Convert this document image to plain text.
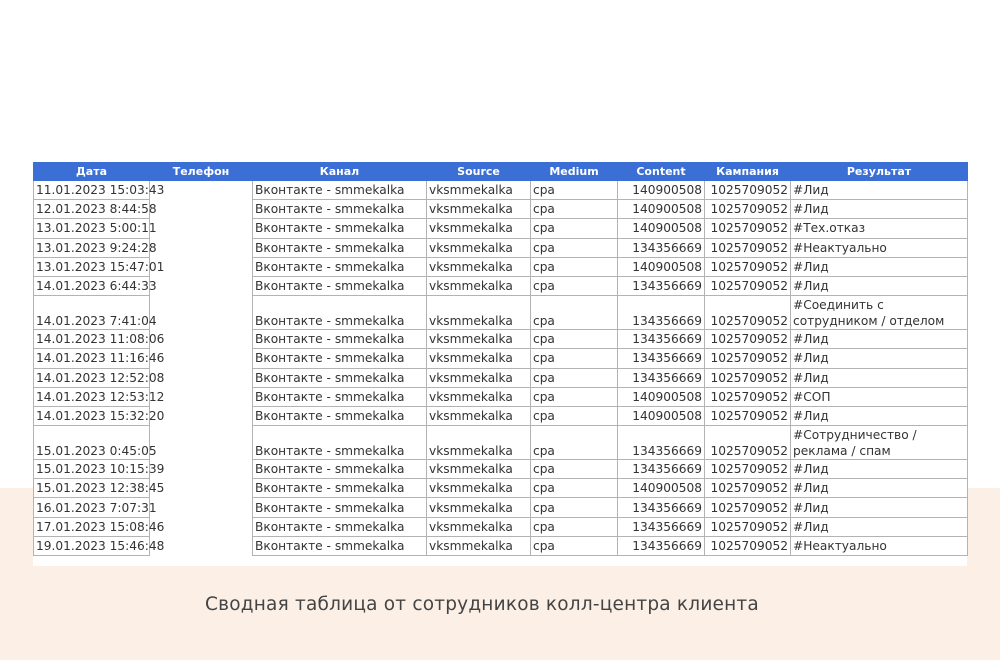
Дата	Телефон	Канал	Source	Medium	Content	Кампания	Результат
11.01.2023 15:03:43		Вконтакте - smmekalka	vksmmekalka	cpa	140900508	1025709052	#Лид
12.01.2023 8:44:58		Вконтакте - smmekalka	vksmmekalka	cpa	140900508	1025709052	#Лид
13.01.2023 5:00:11		Вконтакте - smmekalka	vksmmekalka	cpa	140900508	1025709052	#Тех.отказ
13.01.2023 9:24:28		Вконтакте - smmekalka	vksmmekalka	cpa	134356669	1025709052	#Неактуально
13.01.2023 15:47:01		Вконтакте - smmekalka	vksmmekalka	cpa	140900508	1025709052	#Лид
14.01.2023 6:44:33		Вконтакте - smmekalka	vksmmekalka	cpa	134356669	1025709052	#Лид
14.01.2023 7:41:04		Вконтакте - smmekalka	vksmmekalka	cpa	134356669	1025709052	#Соединить с сотрудником / отделом
14.01.2023 11:08:06		Вконтакте - smmekalka	vksmmekalka	cpa	134356669	1025709052	#Лид
14.01.2023 11:16:46		Вконтакте - smmekalka	vksmmekalka	cpa	134356669	1025709052	#Лид
14.01.2023 12:52:08		Вконтакте - smmekalka	vksmmekalka	cpa	134356669	1025709052	#Лид
14.01.2023 12:53:12		Вконтакте - smmekalka	vksmmekalka	cpa	140900508	1025709052	#СОП
14.01.2023 15:32:20		Вконтакте - smmekalka	vksmmekalka	cpa	140900508	1025709052	#Лид
15.01.2023 0:45:05		Вконтакте - smmekalka	vksmmekalka	cpa	134356669	1025709052	#Сотрудничество / реклама / спам
15.01.2023 10:15:39		Вконтакте - smmekalka	vksmmekalka	cpa	134356669	1025709052	#Лид
15.01.2023 12:38:45		Вконтакте - smmekalka	vksmmekalka	cpa	140900508	1025709052	#Лид
16.01.2023 7:07:31		Вконтакте - smmekalka	vksmmekalka	cpa	134356669	1025709052	#Лид
17.01.2023 15:08:46		Вконтакте - smmekalka	vksmmekalka	cpa	134356669	1025709052	#Лид
19.01.2023 15:46:48		Вконтакте - smmekalka	vksmmekalka	cpa	134356669	1025709052	#Неактуально
Сводная таблица от сотрудников колл-центра клиента
